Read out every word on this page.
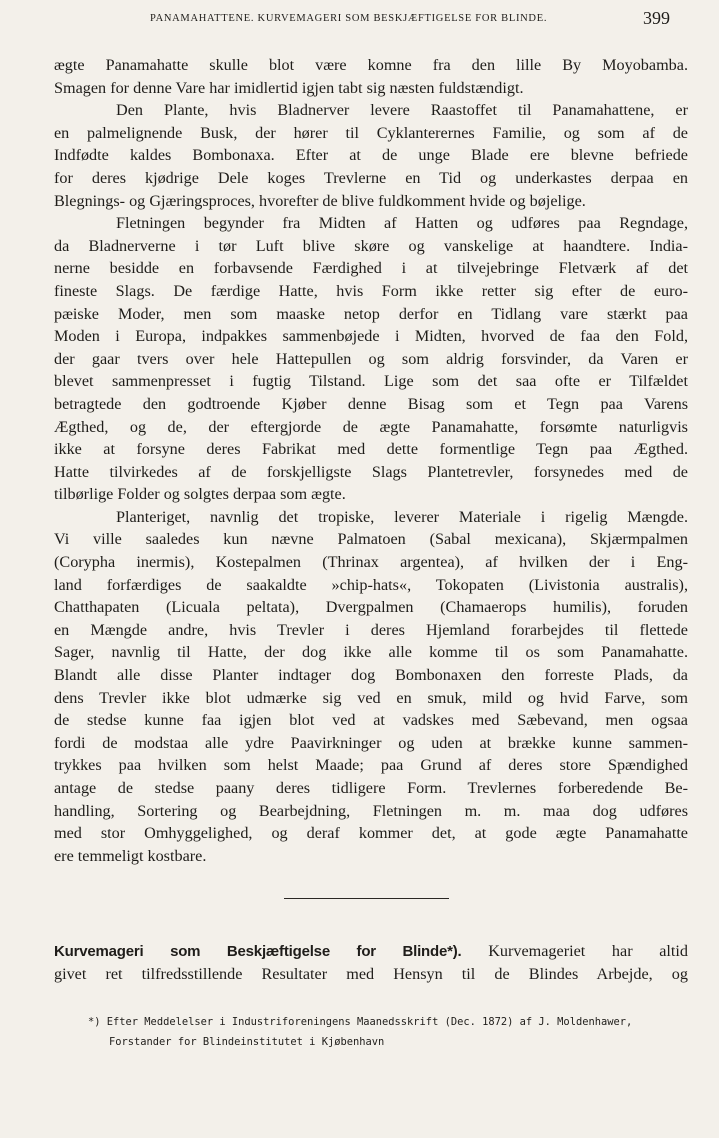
PANAMAHATTENE. KURVEMAGERI SOM BESKJÆFTIGELSE FOR BLINDE.	399
ægte Panamahatte skulle blot være komne fra den lille By Moyobamba.
Smagen for denne Vare har imidlertid igjen tabt sig næsten fuldstændigt.
Den Plante, hvis Bladnerver levere Raastoffet til Panamahattene, er
en palmelignende Busk, der hører til Cyklanterernes Familie, og som af de
Indfødte kaldes Bombonaxa. Efter at de unge Blade ere blevne befriede
for deres kjødrige Dele koges Trevlerne en Tid og underkastes derpaa en
Blegnings- og Gjæringsproces, hvorefter de blive fuldkomment hvide og bøjelige.
Fletningen begynder fra Midten af Hatten og udføres paa Regndage,
da Bladnerverne i tør Luft blive skøre og vanskelige at haandtere. India-
nerne besidde en forbavsende Færdighed i at tilvejebringe Fletværk af det
fineste Slags. De færdige Hatte, hvis Form ikke retter sig efter de euro-
pæiske Moder, men som maaske netop derfor en Tidlang vare stærkt paa
Moden i Europa, indpakkes sammenbøjede i Midten, hvorved de faa den Fold,
der gaar tvers over hele Hattepullen og som aldrig forsvinder, da Varen er
blevet sammenpresset i fugtig Tilstand. Lige som det saa ofte er Tilfældet
betragtede den godtroende Kjøber denne Bisag som et Tegn paa Varens
Ægthed, og de, der eftergjorde de ægte Panamahatte, forsømte naturligvis
ikke at forsyne deres Fabrikat med dette formentlige Tegn paa Ægthed.
Hatte tilvirkedes af de forskjelligste Slags Plantetrevler, forsynedes med de
tilbørlige Folder og solgtes derpaa som ægte.
Planteriget, navnlig det tropiske, leverer Materiale i rigelig Mængde.
Vi ville saaledes kun nævne Palmatoen (Sabal mexicana), Skjærmpalmen
(Corypha inermis), Kostepalmen (Thrinax argentea), af hvilken der i Eng-
land forfærdiges de saakaldte »chip-hats«, Tokopaten (Livistonia australis),
Chatthapaten (Licuala peltata), Dvergpalmen (Chamaerops humilis), foruden
en Mængde andre, hvis Trevler i deres Hjemland forarbejdes til flettede
Sager, navnlig til Hatte, der dog ikke alle komme til os som Panamahatte.
Blandt alle disse Planter indtager dog Bombonaxen den forreste Plads, da
dens Trevler ikke blot udmærke sig ved en smuk, mild og hvid Farve, som
de stedse kunne faa igjen blot ved at vadskes med Sæbevand, men ogsaa
fordi de modstaa alle ydre Paavirkninger og uden at brække kunne sammen-
trykkes paa hvilken som helst Maade; paa Grund af deres store Spændighed
antage de stedse paany deres tidligere Form. Trevlernes forberedende Be-
handling, Sortering og Bearbejdning, Fletningen m. m. maa dog udføres
med stor Omhyggelighed, og deraf kommer det, at gode ægte Panamahatte
ere temmeligt kostbare.
Kurvemageri som Beskjæftigelse for Blinde*). Kurvemageriet har altid
givet ret tilfredsstillende Resultater med Hensyn til de Blindes Arbejde, og
*) Efter Meddelelser i Industriforeningens Maanedsskrift (Dec. 1872) af J. Moldenhawer,
Forstander for Blindeinstitutet i Kjøbenhavn
